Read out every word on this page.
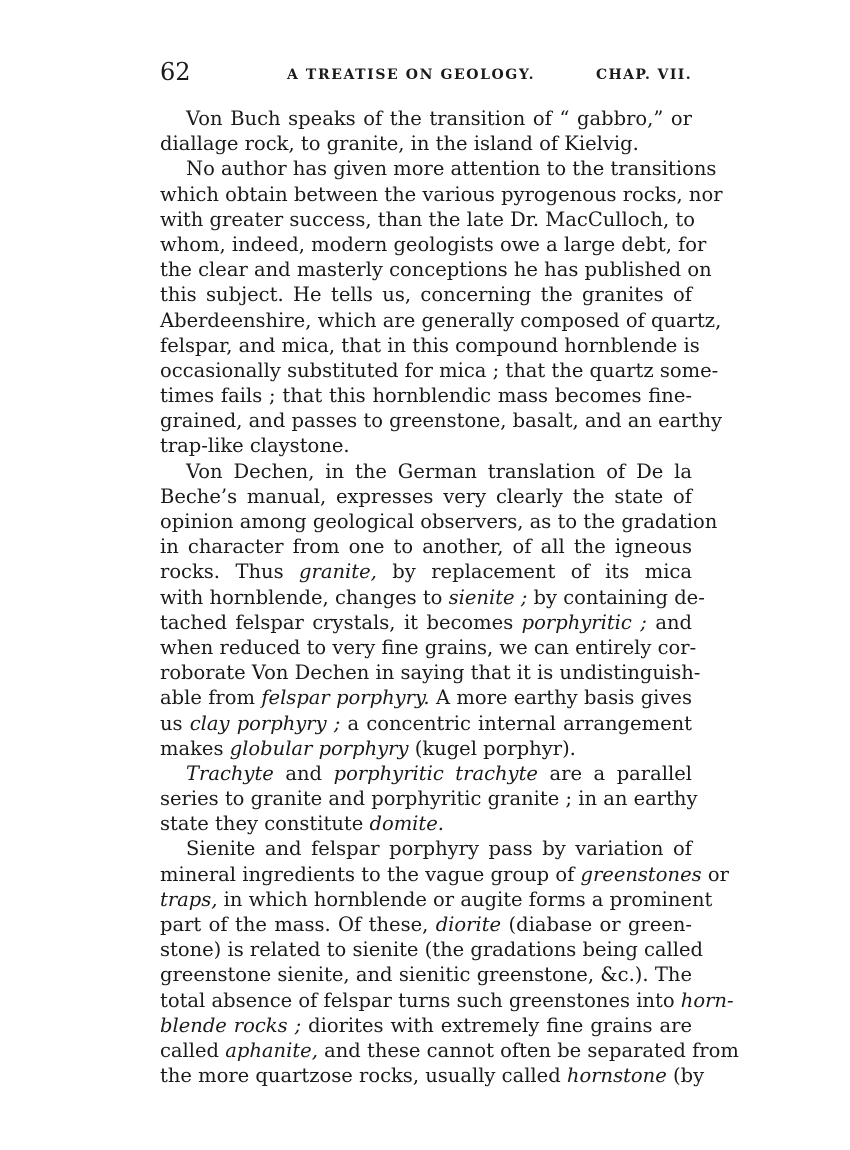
62	A TREATISE ON GEOLOGY.	CHAP. VII.
Von Buch speaks of the transition of “ gabbro,” or
diallage rock, to granite, in the island of Kielvig.
No author has given more attention to the transitions
which obtain between the various pyrogenous rocks, nor
with greater success, than the late Dr. MacCulloch, to
whom, indeed, modern geologists owe a large debt, for
the clear and masterly conceptions he has published on
this subject. He tells us, concerning the granites of
Aberdeenshire, which are generally composed of quartz,
felspar, and mica, that in this compound hornblende is
occasionally substituted for mica ; that the quartz some-
times fails ; that this hornblendic mass becomes fine-
grained, and passes to greenstone, basalt, and an earthy
trap-like claystone.
Von Dechen, in the German translation of De la
Beche’s manual, expresses very clearly the state of
opinion among geological observers, as to the gradation
in character from one to another, of all the igneous
rocks. Thus granite, by replacement of its mica
with hornblende, changes to sienite ; by containing de-
tached felspar crystals, it becomes porphyritic ; and
when reduced to very fine grains, we can entirely cor-
roborate Von Dechen in saying that it is undistinguish-
able from felspar porphyry. A more earthy basis gives
us clay porphyry ; a concentric internal arrangement
makes globular porphyry (kugel porphyr).
Trachyte and porphyritic trachyte are a parallel
series to granite and porphyritic granite ; in an earthy
state they constitute domite.
Sienite and felspar porphyry pass by variation of
mineral ingredients to the vague group of greenstones or
traps, in which hornblende or augite forms a prominent
part of the mass. Of these, diorite (diabase or green-
stone) is related to sienite (the gradations being called
greenstone sienite, and sienitic greenstone, &c.). The
total absence of felspar turns such greenstones into horn-
blende rocks ; diorites with extremely fine grains are
called aphanite, and these cannot often be separated from
the more quartzose rocks, usually called hornstone (by
